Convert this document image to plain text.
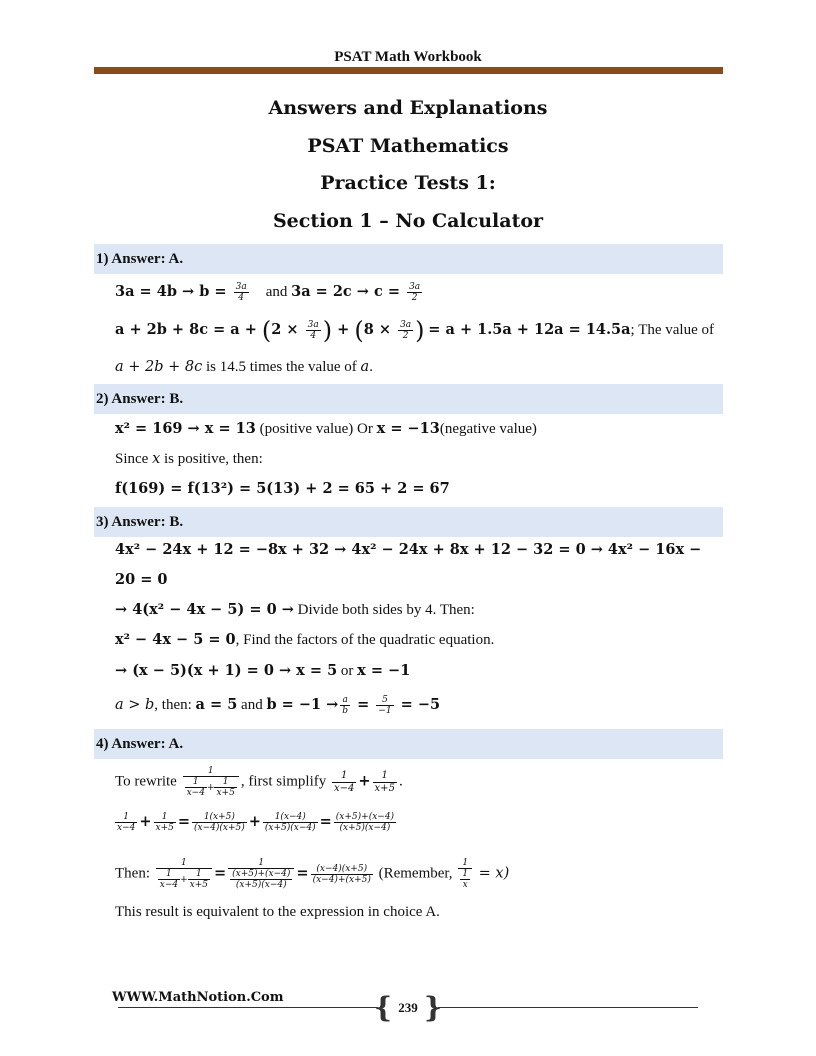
PSAT Math Workbook
Answers and Explanations
PSAT Mathematics
Practice Tests 1:
Section 1 – No Calculator
1) Answer: A.
$3a = 4b \to b = \frac{3a}{4}$ and $3a = 2c \to c = \frac{3a}{2}$
$a + 2b + 8c = a + (2 \times \frac{3a}{4}$ ) + ($8 \times \frac{3a}{2}$ ) = a + 1.5a + 12a = 14.5a; The value of
a + 2b + 8c is 14.5 times the value of a.
2) Answer: B.
x² = 169 → x = 13 (positive value) Or x = −13(negative value)
Since x is positive, then:
f(169) = f(13²) = 5(13) + 2 = 65 + 2 = 67
3) Answer: B.
4x² − 24x + 12 = −8x + 32 → 4x² − 24x + 8x + 12 − 32 = 0 → 4x² − 16x −
20 = 0
→ 4(x² − 4x − 5) = 0 → Divide both sides by 4. Then:
x² − 4x − 5 = 0, Find the factors of the quadratic equation.
→ (x − 5)(x + 1) = 0 → x = 5 or x = −1
a > b, then: a = 5 and $b = -1 \to \frac{a}{b} = \frac{5}{-1} = -5$
4) Answer: A.
To rewrite $\frac{1}{\frac{1}{x-4} + \frac{1}{x+5}}$ , first simplify $\frac{1}{x-4} + \frac{1}{x+5}$ .
$\frac{1}{x-4} + \frac{1}{x+5} = \frac{1(x+5)}{(x-4)(x+5)} + \frac{1(x-4)}{(x+5)(x-4)} = \frac{(x+5)+(x-4)}{(x+5)(x-4)}$
Then: $\frac{1}{\frac{1}{x-4} + \frac{1}{x+5}} = \frac{1}{\frac{(x+5)+(x-4)}{(x+5)(x-4)}} = \frac{(x-4)(x+5)}{(x-4)+(x+5)}$ (Remember, $\frac{1}{\frac{1}{x}} = x$)
This result is equivalent to the expression in choice A.
WWW.MathNotion.Com	{ 239 }
